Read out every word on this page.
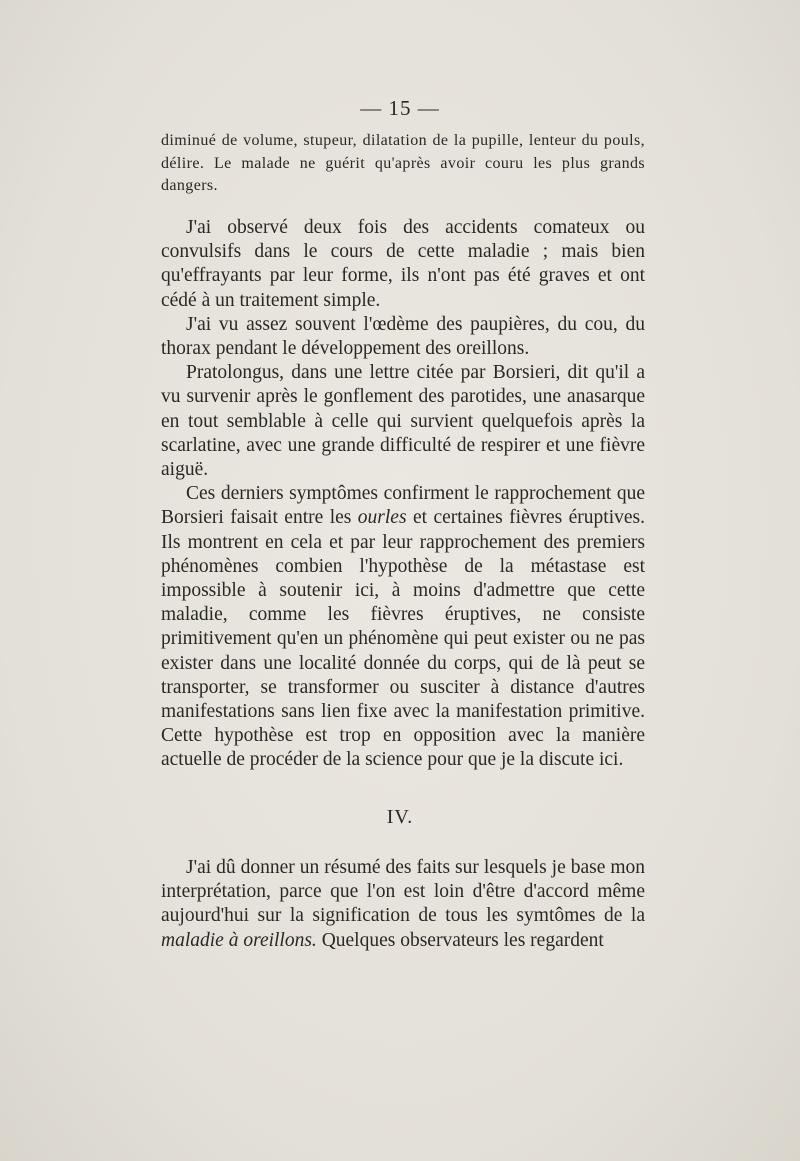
— 15 —

diminué de volume, stupeur, dilatation de la pupille, lenteur du pouls, délire. Le malade ne guérit qu'après avoir couru les plus grands dangers.

J'ai observé deux fois des accidents comateux ou convulsifs dans le cours de cette maladie ; mais bien qu'effrayants par leur forme, ils n'ont pas été graves et ont cédé à un traitement simple.

J'ai vu assez souvent l'œdème des paupières, du cou, du thorax pendant le développement des oreillons.

Pratolongus, dans une lettre citée par Borsieri, dit qu'il a vu survenir après le gonflement des parotides, une anasarque en tout semblable à celle qui survient quelquefois après la scarlatine, avec une grande difficulté de respirer et une fièvre aiguë.

Ces derniers symptômes confirment le rapprochement que Borsieri faisait entre les ourles et certaines fièvres éruptives. Ils montrent en cela et par leur rapprochement des premiers phénomènes combien l'hypothèse de la métastase est impossible à soutenir ici, à moins d'admettre que cette maladie, comme les fièvres éruptives, ne consiste primitivement qu'en un phénomène qui peut exister ou ne pas exister dans une localité donnée du corps, qui de là peut se transporter, se transformer ou susciter à distance d'autres manifestations sans lien fixe avec la manifestation primitive. Cette hypothèse est trop en opposition avec la manière actuelle de procéder de la science pour que je la discute ici.

IV.

J'ai dû donner un résumé des faits sur lesquels je base mon interprétation, parce que l'on est loin d'être d'accord même aujourd'hui sur la signification de tous les symtômes de la maladie à oreillons. Quelques observateurs les regardent
